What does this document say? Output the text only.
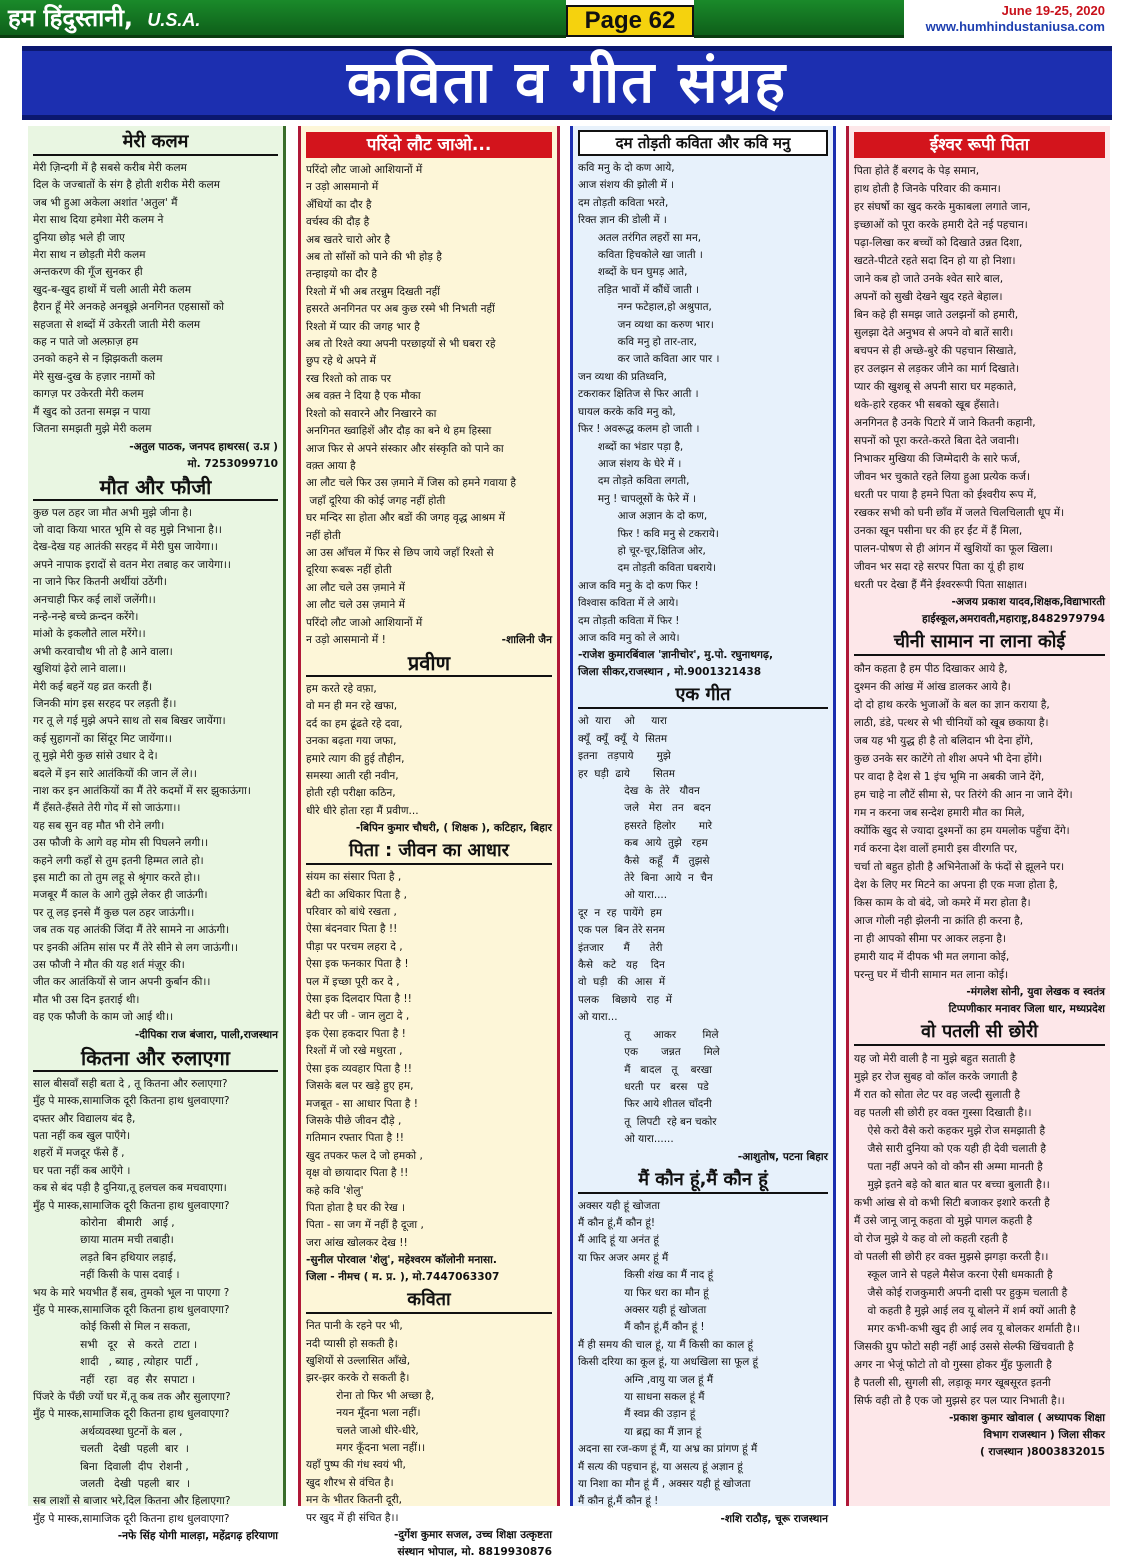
हम हिंदुस्तानी, U.S.A.	Page 62	June 19-25, 2020
www.humhindustaniusa.com
कविता व गीत संग्रह
मेरी कलम
मेरी ज़िन्दगी में है सबसे करीब मेरी कलम
दिल के जज्बातों के संग है होती शरीक मेरी कलम
जब भी हुआ अकेला अशांत 'अतुल' मैं
मेरा साथ दिया हमेशा मेरी कलम ने
दुनिया छोड़ भले ही जाए
मेरा साथ न छोड़ती मेरी कलम
अन्तकरण की गूँज सुनकर ही
खुद-ब-खुद हाथों में चली आती मेरी कलम
हैरान हूँ मेरे अनकहे अनबूझे अनगिनत एहसासों को
सहजता से शब्दों में उकेरती जाती मेरी कलम
कह न पाते जो अल्फ़ाज़ हम
उनको कहने से न झिझकती कलम
मेरे सुख-दुख के हज़ार नग़मों को
कागज़ पर उकेरती मेरी कलम
मैं खुद को उतना समझ न पाया
जितना समझती मुझे मेरी कलम
-अतुल पाठक, जनपद हाथरस( उ.प्र )
मो. 7253099710
मौत और फौजी
कुछ पल ठहर जा मौत अभी मुझे जीना है।
जो वादा किया भारत भूमि से वह मुझे निभाना है।।
देख-देख यह आतंकी सरहद में मेरी घुस जायेगा।।
अपने नापाक इरादों से वतन मेरा तबाह कर जायेगा।।
ना जाने फिर कितनी अर्थीयां उठेंगी।
अनचाही फिर कई लाशें जलेंगी।।
नन्हे-नन्हे बच्चे क्रन्दन करेंगे।
मांओ के इकलौते लाल मरेंगे।।
अभी करवाचौथ भी तो है आने वाला।
खुशियां ढ़ेरो लाने वाला।।
मेरी कई बहनें यह व्रत करती हैं।
जिनकी मांग इस सरहद पर लड़ती हैं।।
गर तू ले गई मुझे अपने साथ तो सब बिखर जायेंगा।
कई सुहागनों का सिंदूर मिट जायेंगा।।
तू मुझे मेरी कुछ सांसे उधार दे दे।
बदले में इन सारे आतंकियों की जान लें ले।।
नाश कर इन आतंकियों का मैं तेरे कदमों में सर झुकाऊंगा।
मैं हँसते-हँसते तेरी गोद में सो जाऊंगा।।
यह सब सुन वह मौत भी रोने लगी।
उस फौजी के आगे वह मोम सी पिघलने लगी।।
कहने लगी कहाँ से तुम इतनी हिम्मत लाते हो।
इस माटी का तो तुम लहू से श्रृंगार करते हो।।
मजबूर मैं काल के आगे तुझे लेकर ही जाऊंगी।
पर तू लड़ इनसे मैं कुछ पल ठहर जाऊंगी।।
जब तक यह आतंकी जिंदा मैं तेरे सामने ना आऊंगी।
पर इनकी अंतिम सांस पर मैं तेरे सीने से लग जाऊंगी।।
उस फौजी ने मौत की यह शर्त मंज़ूर की।
जीत कर आतंकियों से जान अपनी कुर्बान की।।
मौत भी उस दिन इतराई थी।
वह एक फौजी के काम जो आई थी।।
-दीपिका राज बंजारा, पाली,राजस्थान
कितना और रुलाएगा
साल बीसवाँ सही बता दे , तू कितना और रुलाएगा?
मुँह पे मास्क,सामाजिक दूरी कितना हाथ धुलवाएगा?
दफ्तर और विद्यालय बंद है,
पता नहीं कब खुल पाएँगे।
शहरों में मजदूर फँसे हैं ,
घर पता नहीं कब आएँगे ।
कब से बंद पड़ी है दुनिया,तू हलचल कब मचवाएगा।
मुँह पे मास्क,सामाजिक दूरी कितना हाथ धुलवाएगा?
कोरोना   बीमारी   आई ,
छाया मातम मची तबाही।
लड़ते बिन हथियार लड़ाई,
नहीं किसी के पास दवाई ।
भय के मारे भयभीत हैं सब, तुमको भूल ना पाएगा ?
मुँह पे मास्क,सामाजिक दूरी कितना हाथ धुलवाएगा?
कोई किसी से मिल न सकता,
सभी   दूर   से   करते   टाटा ।
शादी   , ब्याह , त्योहार  पार्टी ,
नहीं   रहा   वह  सैर  सपाटा ।
पिंजरे के पँछी ज्यों घर में,तू कब तक और सुलाएगा?
मुँह पे मास्क,सामाजिक दूरी कितना हाथ धुलवाएगा?
अर्थव्यवस्था घुटनों के बल ,
चलती   देखी  पहली  बार  ।
बिना  दिवाली  दीप  रोशनी ,
जलती   देखी  पहली  बार  ।
सब लाशों से बाजार भरे,दिल कितना और हिलाएगा?
मुँह पे मास्क,सामाजिक दूरी कितना हाथ धुलवाएगा?
-नफे सिंह योगी मालड़ा, महेंद्रगढ़ हरियाणा
परिंदो लौट जाओ...
परिंदो लौट जाओ आशियानों में
न उड़ो आसमानो में
अँधियों का दौर है
वर्चस्व की दौड़ है
अब खतरे चारो ओर है
अब तो साँसों को पाने की भी होड़ है
तन्हाइयो का दौर है
रिश्तो में भी अब तरन्नुम दिखती नहीं
हसरते अनगिनत पर अब कुछ रस्मे भी निभती नहीं
रिश्तो में प्यार की जगह भार है
अब तो रिश्ते क्या अपनी परछाइयों से भी घबरा रहे
छुप रहे थे अपने में
रख रिश्तो को ताक पर
अब वक़्त ने दिया है एक मौका
रिश्तो को सवारने और निखारने का
अनगिनत ख्वाहिशें और दौड़ का बने थे हम हिस्सा
आज फिर से अपने संस्कार और संस्कृति को पाने का
वक़्त आया है
आ लौट चले फिर उस ज़माने में जिस को हमने गवाया है
जहाँ दूरिया की कोई जगह नहीं होती
घर मन्दिर सा होता और बडों की जगह वृद्ध आश्रम में
नहीं होती
आ उस आँचल में फिर से छिप जाये जहाँ रिश्तो से
दूरिया रूबरू नहीं होती
आ लौट चले उस ज़माने में
आ लौट चले उस ज़माने में
परिंदो लौट जाओ आशियानों में
न उड़ो आसमानो में !	-शालिनी जैन
प्रवीण
हम करते रहे वफ़ा,
वो मन ही मन रहे खफा,
दर्द का हम ढूंढते रहे दवा,
उनका बढ़ता गया जफा,
हमारे त्याग की हुई तौहीन,
समस्या आती रही नवीन,
होती रही परीक्षा कठिन,
धीरे धीरे होता रहा मैं प्रवीण...
-बिपिन कुमार चौधरी, ( शिक्षक ), कटिहार, बिहार
पिता : जीवन का आधार
संयम का संसार पिता है ,
बेटी का अधिकार पिता है ,
परिवार को बांधे रखता ,
ऐसा बंदनवार पिता है !!
पीड़ा पर परचम लहरा दे ,
ऐसा इक फनकार पिता है !
पल में इच्छा पूरी कर दे ,
ऐसा इक दिलदार पिता है !!
बेटी पर जी - जान लुटा दे ,
इक ऐसा हकदार पिता है !
रिश्तों में जो रखे मधुरता ,
ऐसा इक व्यवहार पिता है !!
जिसके बल पर खड़े हुए हम,
मजबूत - सा आधार पिता है !
जिसके पीछे जीवन दौड़े ,
गतिमान रफ्तार पिता है !!
खुद तपकर फल दे जो हमको ,
वृक्ष वो छायादार पिता है !!
कहे कवि 'शेलु'
पिता होता है घर की रेख ।
पिता - सा जग में नहीं है दूजा ,
जरा आंख खोलकर देख !!
-सुनील पोरवाल 'शेलु', महेश्वरम कॉलोनी मनासा.
जिला - नीमच ( म. प्र. ), मो.7447063307
कविता
नित पानी के रहने पर भी,
नदी प्यासी हो सकती है।
खुशियों से उल्लासित आँखे,
झर-झर करके रो सकती है।
रोना तो फिर भी अच्छा है,
नयन मूँदना भला नहीं।
चलते जाओ धीरे-धीरे,
मगर कूँदना भला नहीं।।
यहाँ पुष्प की गंध स्वयं भी,
खुद शौरभ से वंचित है।
मन के भीतर कितनी दूरी,
पर खुद में ही संचित है।।
-दुर्गेश कुमार सजल, उच्च शिक्षा उत्कृष्टता
संस्थान भोपाल, मो. 8819930876
दम तोड़ती कविता और कवि मनु
कवि मनु के दो कण आये,
आज संशय की झोली में ।
दम तोड़ती कविता भरते,
रिक्त ज्ञान की डोली में ।
अतल तरंगित लहरों सा मन,
कविता हिचकोले खा जाती ।
शब्दों के घन घुमड़ आते,
तड़ित भावों में कौंधें जाती ।
नग्न फटेहाल,हो अश्रुपात,
जन व्यथा का करुण भार।
कवि मनु हो तार-तार,
कर जाते कविता आर पार ।
जन व्यथा की प्रतिध्वनि,
टकराकर क्षितिज से फिर आती ।
घायल करके कवि मनु को,
फिर ! अवरूद्ध कलम हो जाती ।
शब्दों का भंडार पड़ा है,
आज संशय के घेरे में ।
दम तोड़ते कविता लगती,
मनु ! चापलूसों के फेरे में ।
आज अज्ञान के दो कण,
फिर ! कवि मनु से टकराये।
हो चूर-चूर,क्षितिज ओर,
दम तोड़ती कविता घबराये।
आज कवि मनु के दो कण फिर !
विश्वास कविता में ले आये।
दम तोड़ती कविता में फिर !
आज कवि मनु को ले आये।
-राजेश कुमारबिंवाल 'ज्ञानीचोर', मु.पो. रघुनाथगढ़,
जिला सीकर,राजस्थान , मो.9001321438
एक गीत
ओ  यारा    ओ     यारा
क्यूँ  क्यूँ  क्यूँ  ये  सितम
इतना   तड़पाये       मुझे
हर  घड़ी  ढाये       सितम
देख  के  तेरे   यौवन
जले   मेरा   तन   बदन
हसरते  हिलोर       मारे
कब  आये  तुझे   रहम
कैसे   कहूँ   मैं   तुझसे
तेरे  बिना  आये  न  चैन
ओ यारा....
दूर  न  रह  पायेंगे  हम
एक पल  बिन तेरे सनम
इंतजार      मैं      तेरी
कैसे   कटे   यह    दिन
वो  घड़ी   की  आस  में
पलक    बिछाये   राह  में
ओ यारा...
तू       आकर        मिले
एक       जन्नत       मिले
मैं   बादल   तू    बरखा
धरती  पर   बरस   पडे
फिर आये शीतल चाँदनी
तू  लिपटी  रहे बन चकोर
ओ यारा......
-आशुतोष, पटना बिहार
मैं कौन हूं,मैं कौन हूं
अक्सर यही हूं खोजता
मैं कौन हूं,मैं कौन हूं!
मैं आदि हूं या अनंत हूं
या फिर अजर अमर हूं मैं
किसी शंख का मैं नाद हूं
या फिर धरा का मौन हूं
अक्सर यही हूं खोजता
मैं कौन हूं,मैं कौन हूं !
मैं ही समय की चाल हूं, या मैं किसी का काल हूं
किसी दरिया का कूल हूं, या अधखिला सा फूल हूं
अग्नि ,वायु या जल हूं मैं
या साधना सकल हूं मैं
मैं स्वप्न की उड़ान हूं
या ब्रह्म का मैं ज्ञान हूं
अदना सा रज-कण हूं मैं, या अभ्र का प्रांगण हूं मैं
मैं सत्य की पहचान हूं, या असत्य हूं अज्ञान हूं
या निशा का मौन हूं मैं , अक्सर यही हूं खोजता
मैं कौन हूं,मैं कौन हूं !
-शशि राठौड़, चूरू राजस्थान
ईश्वर रूपी पिता
पिता होते हैं बरगद के पेड़ समान,
हाथ होती है जिनके परिवार की कमान।
हर संघर्षो का खुद करके मुकाबला लगाते जान,
इच्छाओं को पूरा करके हमारी देते नई पहचान।
पढ़ा-लिखा कर बच्चों को दिखाते उन्नत दिशा,
खटते-पीटते रहते सदा दिन हो या हो निशा।
जाने कब हो जाते उनके श्वेत सारे बाल,
अपनों को सुखी देखने खुद रहते बेहाल।
बिन कहे ही समझ जाते उलझनों को हमारी,
सुलझा देते अनुभव से अपने वो बातें सारी।
बचपन से ही अच्छे-बुरे की पहचान सिखाते,
हर उलझन से लड़कर जीने का मार्ग दिखाते।
प्यार की खुशबू से अपनी सारा घर महकाते,
थके-हारे रहकर भी सबको खूब हँसाते।
अनगिनत है उनके पिटारे में जाने कितनी कहानी,
सपनों को पूरा करते-करते बिता देते जवानी।
निभाकर मुखिया की जिम्मेदारी के सारे फर्ज,
जीवन भर चुकाते रहते लिया हुआ प्रत्येक कर्ज।
धरती पर पाया है हमने पिता को ईश्वरीय रूप में,
रखकर सभी को घनी छाँव में जलते चिलचिलाती धूप में।
उनका खून पसीना घर की हर ईंट में हैं मिला,
पालन-पोषण से ही आंगन में खुशियों का फूल खिला।
जीवन भर सदा रहे सरपर पिता का यूं ही हाथ
धरती पर देखा हैं मैंने ईश्वररूपी पिता साक्षात।
-अजय प्रकाश यादव,शिक्षक,विद्याभारती
हाईस्कूल,अमरावती,महाराष्ट्र,8482979794
चीनी सामान ना लाना कोई
कौन कहता है हम पीठ दिखाकर आये है,
दुश्मन की आंख में आंख डालकर आये है।
दो दो हाथ करके भुजाओं के बल का ज्ञान कराया है,
लाठी, डंडे, पत्थर से भी चीनियों को खूब छकाया है।
जब यह भी युद्ध ही है तो बलिदान भी देना होंगे,
कुछ उनके सर काटेंगे तो शीश अपने भी देना होंगे।
पर वादा है देश से 1 इंच भूमि ना अबकी जाने देंगे,
हम चाहे ना लौटें सीमा से, पर तिरंगे की आन ना जाने देंगे।
गम न करना जब सन्देश हमारी मौत का मिले,
क्योंकि खुद से ज्यादा दुश्मनों का हम यमलोक पहुँचा देंगे।
गर्व करना देश वालों हमारी इस वीरगति पर,
चर्चा तो बहुत होती है अभिनेताओं के फंदों से झूलने पर।
देश के लिए मर मिटने का अपना ही एक मजा होता है,
किस काम के वो बंदे, जो कमरे में मरा होता है।
आज गोली नही झेलनी ना क्रांति ही करना है,
ना ही आपको सीमा पर आकर लड़ना है।
हमारी याद में दीपक भी मत लगाना कोई,
परन्तु घर में चीनी सामान मत लाना कोई।
-मंगलेश सोनी, युवा लेखक व स्वतंत्र
टिप्पणीकार मनावर जिला धार, मध्यप्रदेश
वो पतली सी छोरी
यह जो मेरी वाली है ना मुझे बहुत सताती है
मुझे हर रोज सुबह वो कॉल करके जगाती है
मैं रात को सोता लेट पर वह जल्दी सुलाती है
वह पतली सी छोरी हर वक्त गुस्सा दिखाती है।।
ऐसे करो वैसे करो कहकर मुझे रोज समझाती है
जैसे सारी दुनिया को एक यही ही देवी चलाती है
पता नहीं अपने को वो कौन सी अम्मा मानती है
मुझे इतने बड़े को बात बात पर बच्चा बुलाती है।।
कभी आंख से वो कभी सिटी बजाकर इशारे करती है
मैं उसे जानू जानू कहता वो मुझे पागल कहती है
वो रोज मुझे ये कह वो लो कहती रहती है
वो पतली सी छोरी हर वक्त मुझसे झगड़ा करती है।।
स्कूल जाने से पहले मैसेज करना ऐसी धमकाती है
जैसे कोई राजकुमारी अपनी दासी पर हुकुम चलाती है
वो कहती है मुझे आई लव यू बोलने में शर्म क्यों आती है
मगर कभी-कभी खुद ही आई लव यू बोलकर शर्माती है।।
जिसकी ग्रुप फोटो सही नहीं आई उससे सेल्फी खिंचवाती है
अगर ना भेजूं फोटो तो वो गुस्सा होकर मुँह फुलाती है
है पतली सी, सुगली सी, लड़ाकू मगर खूबसूरत इतनी
सिर्फ वही तो है एक जो मुझसे हर पल प्यार निभाती है।।
-प्रकाश कुमार खोवाल ( अध्यापक शिक्षा
विभाग राजस्थान ) जिला सीकर
( राजस्थान )8003832015
